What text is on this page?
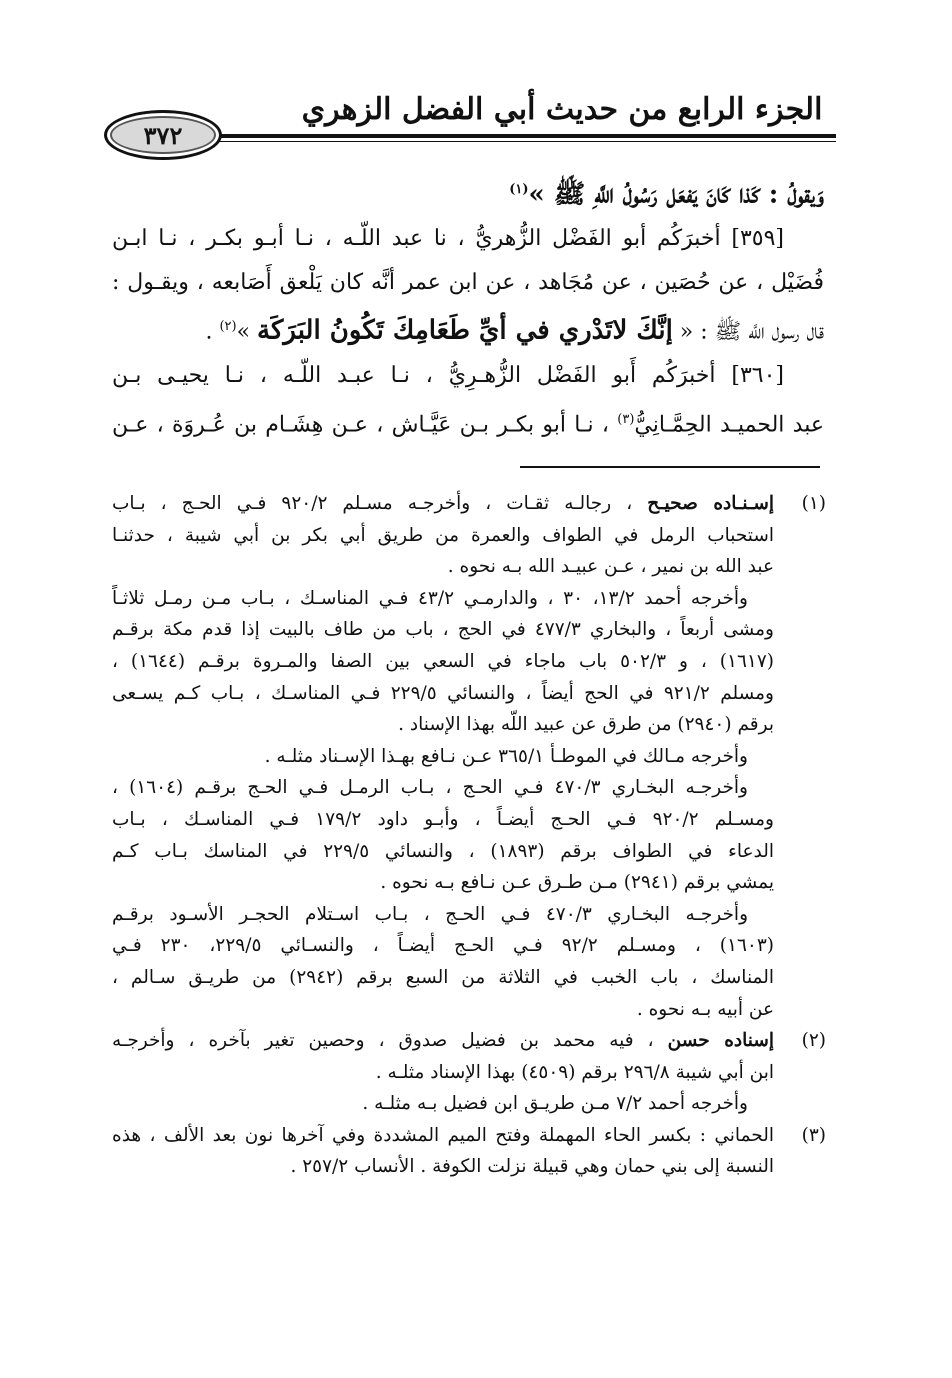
الجزء الرابع من حديث أبي الفضل الزهري
٣٧٢
وَيقولُ : كَذا كَانَ يَفعَل رَسُولُ اللَّهِ ﷺ »$^{(١)}$
[٣٥٩] أخبرَكُم أبو الفَضْل الزُّهريُّ ، نا عبد اللّـه ، نـا أبـو بكـر ، نـا ابـن
فُضَيْل ، عن حُصَين ، عن مُجَاهد ، عن ابن عمر أنَّه كان يَلْعق أَصَابعه ، ويقـول :
قال رسول اللَّه ﷺ : « إنَّكَ لاتَدْري في أيِّ طَعَامِكَ تَكُونُ البَرَكَة »$^{(٢)}$ .
[٣٦٠] أخبرَكُم أَبو الفَضْل الزُّهـرِيُّ ، نـا عبـد اللّـه ، نـا يحيـى بـن
عبد الحميـد الحِمَّـانِيُّ$^{(٣)}$ ، نـا أبو بكـر بـن عَيَّـاش ، عـن هِشَـام بن عُـروَة ، عـن
(١)
إسـنـاده صحيـح ، رجالـه ثقـات ، وأخرجـه مسـلم ٩٢٠/٢ فـي الحـج ، بـاب
استحباب الرمل في الطواف والعمرة من طريق أبي بكر بن أبي شيبة ، حدثنـا
عبد الله بن نمير ، عـن عبيـد الله بـه نحوه .
وأخرجه أحمد ١٣/٢، ٣٠ ، والدارمـي ٤٣/٢ فـي المناسـك ، بـاب مـن رمـل ثلاثـاً
ومشى أربعاً ، والبخاري ٤٧٧/٣ في الحج ، باب من طاف بالبيت إذا قدم مكة برقـم
(١٦١٧) ، و ٥٠٢/٣ باب ماجاء في السعي بين الصفا والمـروة برقـم (١٦٤٤) ،
ومسلم ٩٢١/٢ في الحج أيضاً ، والنسائي ٢٢٩/٥ فـي المناسـك ، بـاب كـم يسـعى
برقم (٢٩٤٠) من طرق عن عبيد اللّه بهذا الإسناد .
وأخرجه مـالك في الموطـأ ٣٦٥/١ عـن نـافع بهـذا الإسـناد مثلـه .
وأخرجـه البخـاري ٤٧٠/٣ فـي الحـج ، بـاب الرمـل فـي الحـج برقـم (١٦٠٤) ،
ومسـلم ٩٢٠/٢ فـي الحـج أيضـاً ، وأبـو داود ١٧٩/٢ فـي المناسـك ، بـاب
الدعاء في الطواف برقم (١٨٩٣) ، والنسائي ٢٢٩/٥ في المناسك بـاب كـم
يمشي برقم (٢٩٤١) مـن طـرق عـن نـافع بـه نحوه .
وأخرجـه البخـاري ٤٧٠/٣ فـي الحـج ، بـاب اسـتلام الحجـر الأسـود برقـم
(١٦٠٣) ، ومسـلم ٩٢/٢ فـي الحـج أيضـاً ، والنسـائي ٢٢٩/٥، ٢٣٠ فـي
المناسك ، باب الخبب في الثلاثة من السبع برقم (٢٩٤٢) من طريـق سـالم ،
عن أبيه بـه نحوه .
(٢)
إسناده حسن ، فيه محمد بن فضيل صدوق ، وحصين تغير بآخره ، وأخرجـه
ابن أبي شيبة ٢٩٦/٨ برقم (٤٥٠٩) بهذا الإسناد مثلـه .
وأخرجه أحمد ٧/٢ مـن طريـق ابن فضيل بـه مثلـه .
(٣)
الحماني : بكسر الحاء المهملة وفتح الميم المشددة وفي آخرها نون بعد الألف ، هذه
النسبة إلى بني حمان وهي قبيلة نزلت الكوفة . الأنساب ٢٥٧/٢ .
